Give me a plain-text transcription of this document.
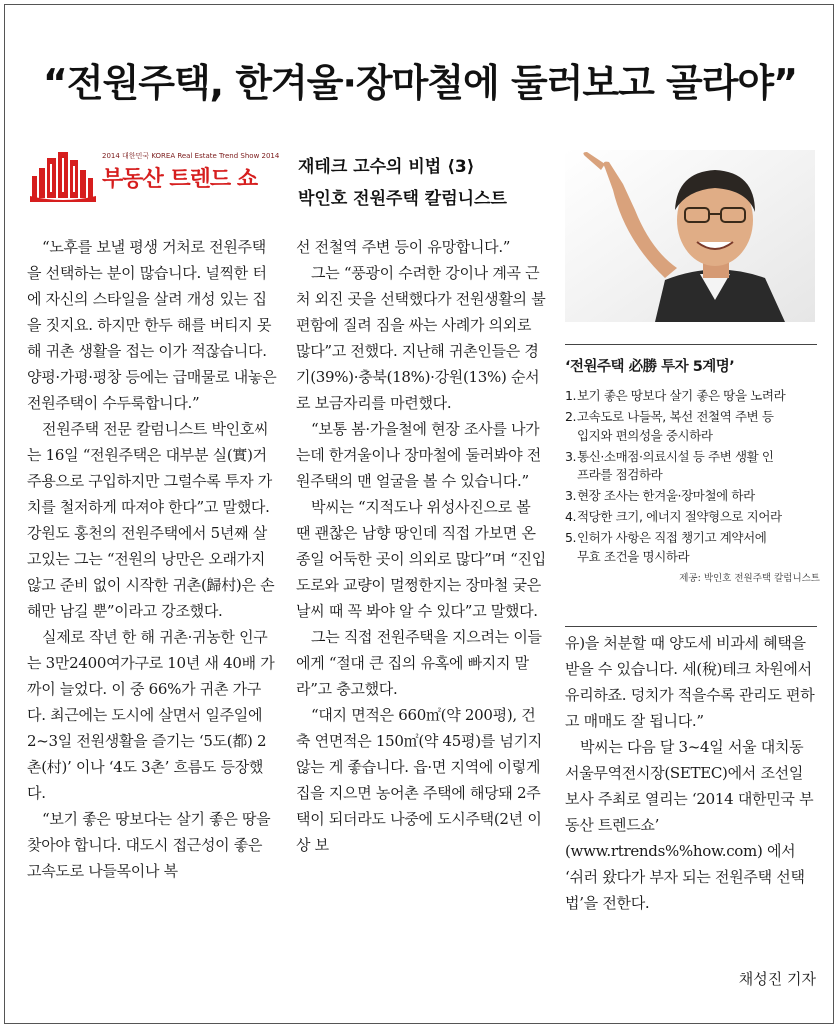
“전원주택, 한겨울·장마철에 둘러보고 골라야”
2014 대한민국 KOREA Real Estate Trend Show 2014
부동산 트렌드 쇼 재테크 고수의 비법 ⟨3⟩
박인호 전원주택 칼럼니스트

“노후를 보낼 평생 거처로 전원주택을 선택하는 분이 많습니다. 널찍한 터에 자신의 스타일을 살려 개성 있는 집을 짓지요. 하지만 한두 해를 버티지 못해 귀촌 생활을 접는 이가 적잖습니다. 양평·가평·평창 등에는 급매물로 내놓은 전원주택이 수두룩합니다.”

전원주택 전문 칼럼니스트 박인호씨는 16일 “전원주택은 대부분 실(實)거주용으로 구입하지만 그럴수록 투자 가치를 철저하게 따져야 한다”고 말했다. 강원도 홍천의 전원주택에서 5년째 살고있는 그는 “전원의 낭만은 오래가지 않고 준비 없이 시작한 귀촌(歸村)은 손해만 남길 뿐”이라고 강조했다.

실제로 작년 한 해 귀촌·귀농한 인구는 3만2400여가구로 10년 새 40배 가까이 늘었다. 이 중 66%가 귀촌 가구다. 최근에는 도시에 살면서 일주일에 2~3일 전원생활을 즐기는 ‘5도(都) 2촌(村)’ 이나 ‘4도 3촌’ 흐름도 등장했다.

“보기 좋은 땅보다는 살기 좋은 땅을 찾아야 합니다. 대도시 접근성이 좋은 고속도로 나들목이나 복

선 전철역 주변 등이 유망합니다.”

그는 “풍광이 수려한 강이나 계곡 근처 외진 곳을 선택했다가 전원생활의 불편함에 질려 짐을 싸는 사례가 의외로 많다”고 전했다. 지난해 귀촌인들은 경기(39%)·충북(18%)·강원(13%) 순서로 보금자리를 마련했다.

“보통 봄·가을철에 현장 조사를 나가는데 한겨울이나 장마철에 둘러봐야 전원주택의 맨 얼굴을 볼 수 있습니다.”

박씨는 “지적도나 위성사진으로 볼 땐 괜찮은 남향 땅인데 직접 가보면 온종일 어둑한 곳이 의외로 많다”며 “진입 도로와 교량이 멀쩡한지는 장마철 궂은 날씨 때 꼭 봐야 알 수 있다”고 말했다.

그는 직접 전원주택을 지으려는 이들에게 “절대 큰 집의 유혹에 빠지지 말라”고 충고했다.

“대지 면적은 660㎡(약 200평), 건축 연면적은 150㎡(약 45평)를 넘기지 않는 게 좋습니다. 읍·면 지역에 이렇게 집을 지으면 농어촌 주택에 해당돼 2주택이 되더라도 나중에 도시주택(2년 이상 보

‘전원주택 必勝 투자 5계명’
1.보기 좋은 땅보다 살기 좋은 땅을 노려라
2.고속도로 나들목, 복선 전철역 주변 등
입지와 편의성을 중시하라
3.통신·소매점·의료시설 등 주변 생활 인
프라를 점검하라
3.현장 조사는 한겨울·장마철에 하라
4.적당한 크기, 에너지 절약형으로 지어라
5.인허가 사항은 직접 챙기고 계약서에
무효 조건을 명시하라
제공: 박인호 전원주택 칼럼니스트

유)을 처분할 때 양도세 비과세 혜택을 받을 수 있습니다. 세(稅)테크 차원에서 유리하죠. 덩치가 적을수록 관리도 편하고 매매도 잘 됩니다.”

박씨는 다음 달 3~4일 서울 대치동 서울무역전시장(SETEC)에서 조선일보사 주최로 열리는 ‘2014 대한민국 부동산 트렌드쇼’ (www.rtrends%%how.com) 에서 ‘쉬러 왔다가 부자 되는 전원주택 선택법’을 전한다.

채성진 기자
